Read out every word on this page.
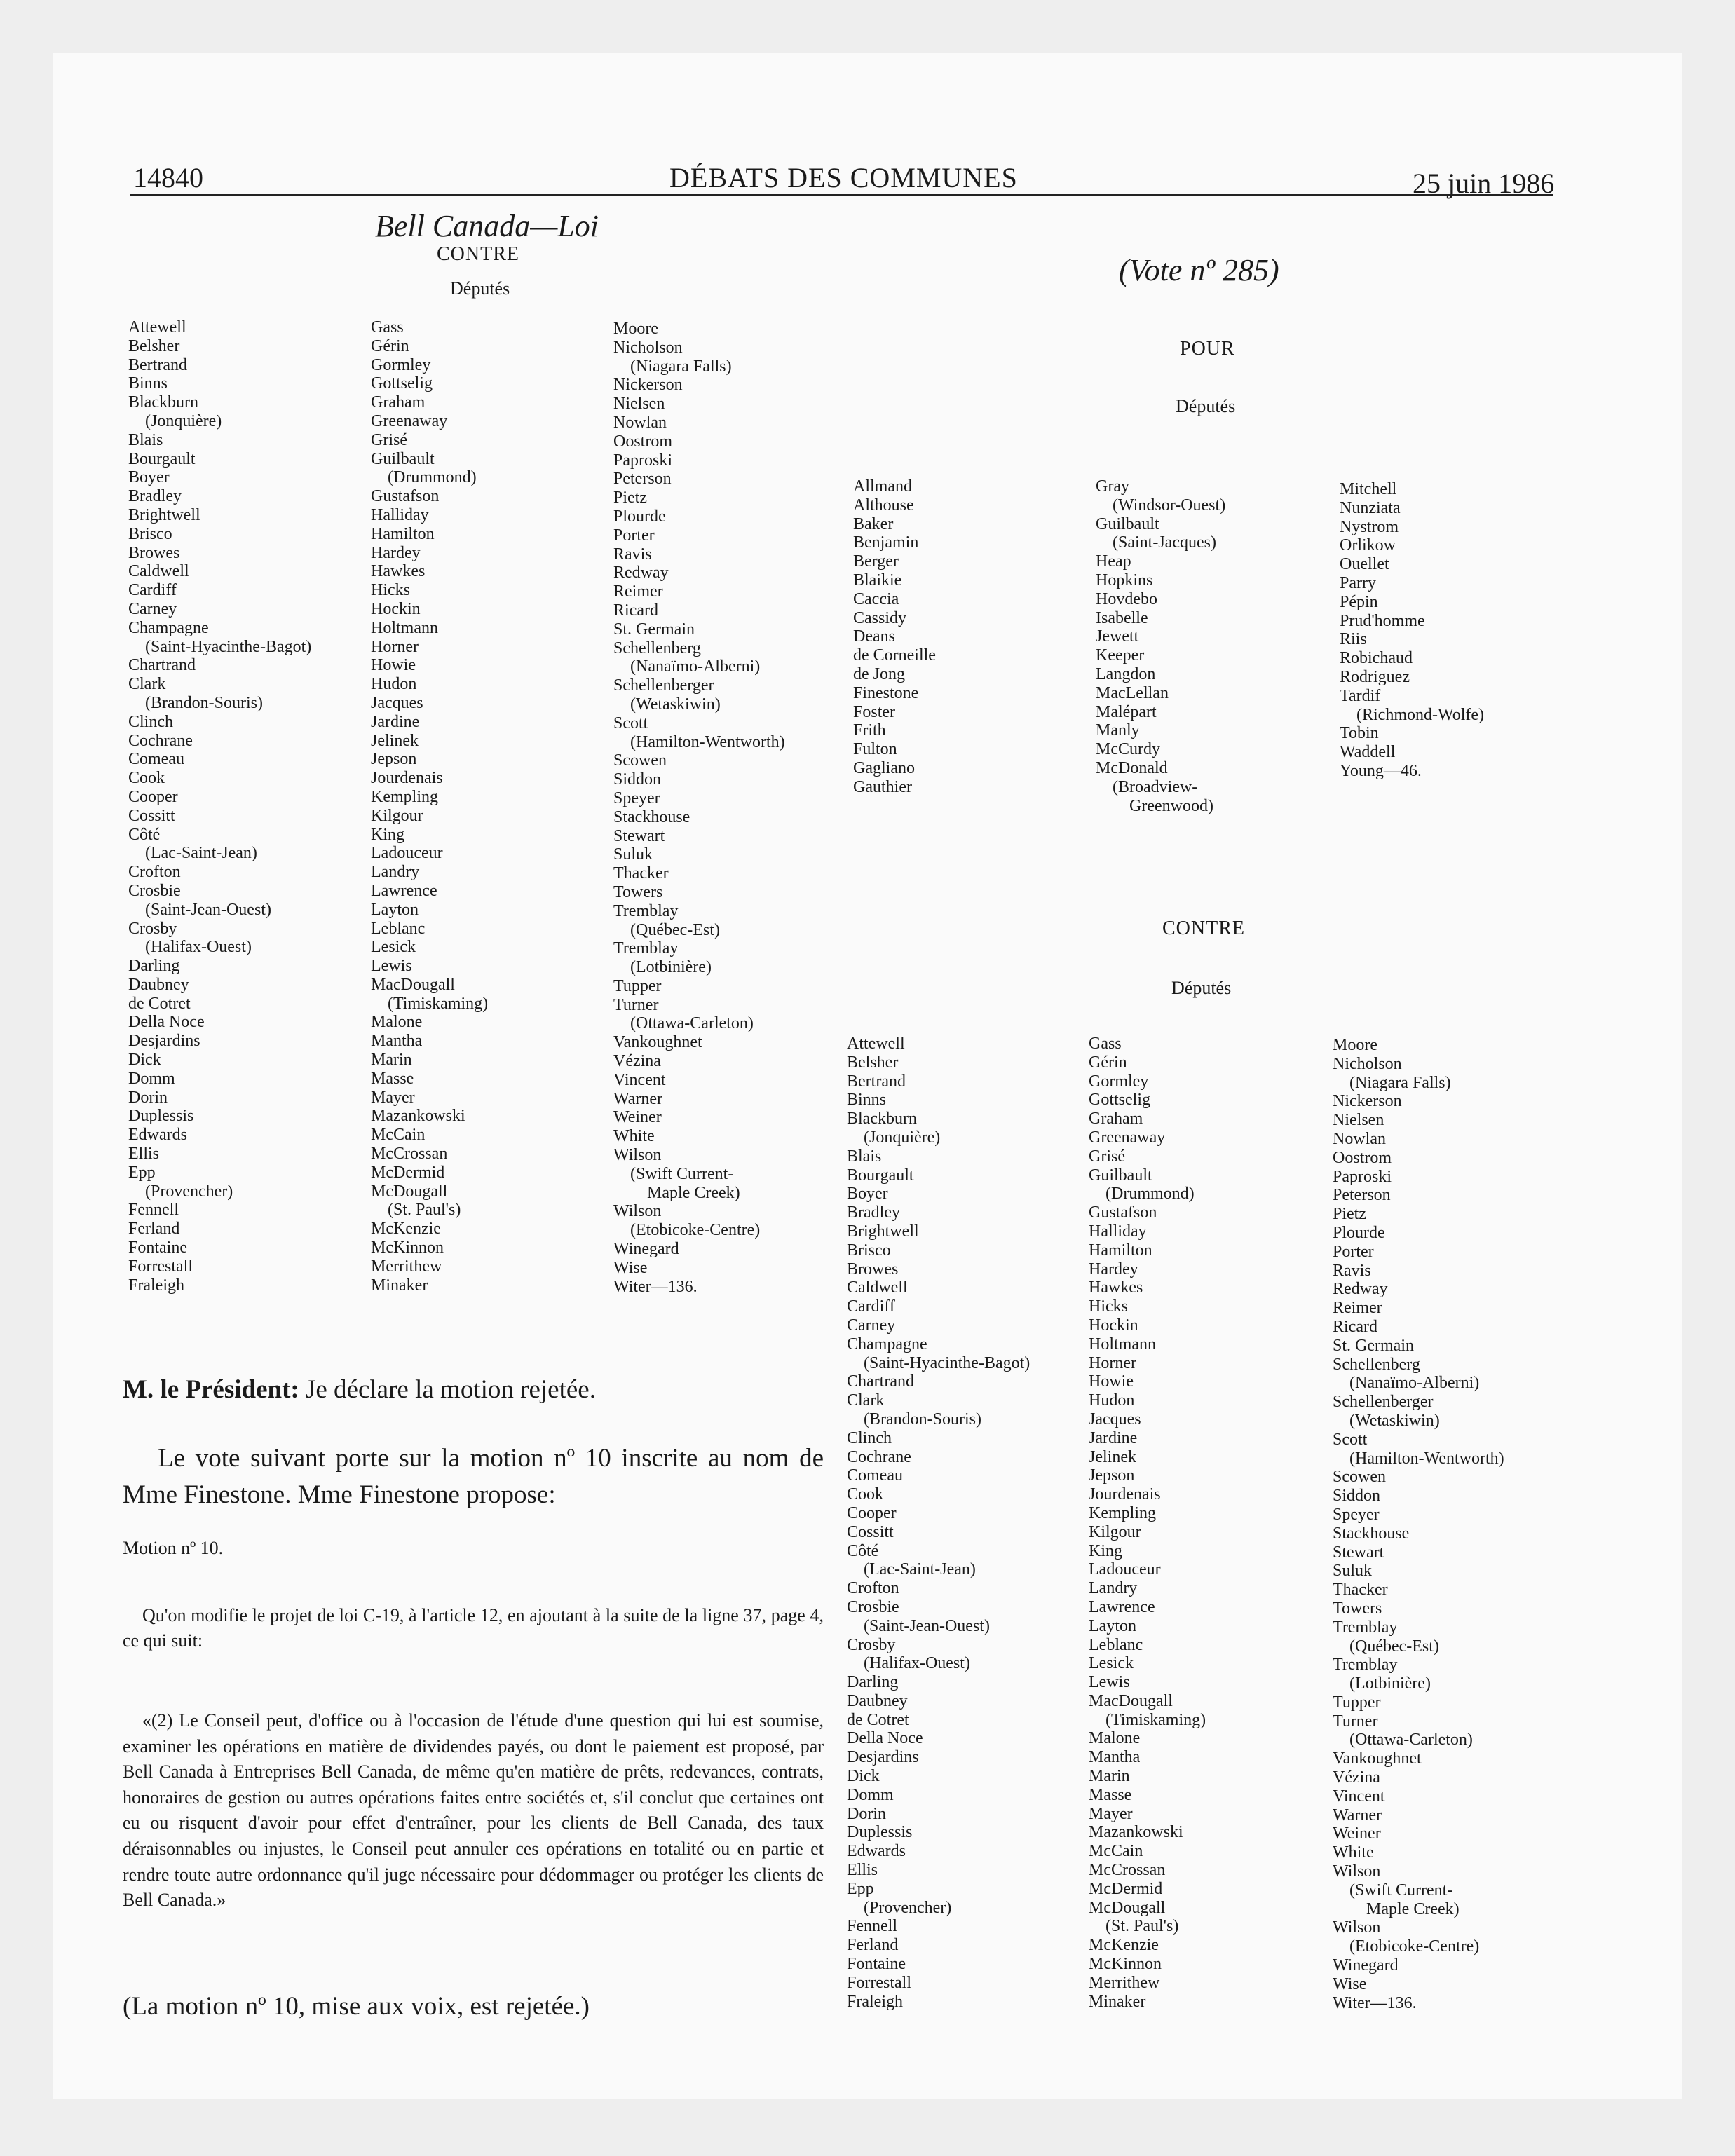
14840	DÉBATS DES COMMUNES	25 juin 1986
Bell Canada—Loi
CONTRE
Députés
Attewell
Belsher
Bertrand
Binns
Blackburn
(Jonquière)
Blais
Bourgault
Boyer
Bradley
Brightwell
Brisco
Browes
Caldwell
Cardiff
Carney
Champagne
(Saint-Hyacinthe-Bagot)
Chartrand
Clark
(Brandon-Souris)
Clinch
Cochrane
Comeau
Cook
Cooper
Cossitt
Côté
(Lac-Saint-Jean)
Crofton
Crosbie
(Saint-Jean-Ouest)
Crosby
(Halifax-Ouest)
Darling
Daubney
de Cotret
Della Noce
Desjardins
Dick
Domm
Dorin
Duplessis
Edwards
Ellis
Epp
(Provencher)
Fennell
Ferland
Fontaine
Forrestall
Fraleigh
Gass
Gérin
Gormley
Gottselig
Graham
Greenaway
Grisé
Guilbault
(Drummond)
Gustafson
Halliday
Hamilton
Hardey
Hawkes
Hicks
Hockin
Holtmann
Horner
Howie
Hudon
Jacques
Jardine
Jelinek
Jepson
Jourdenais
Kempling
Kilgour
King
Ladouceur
Landry
Lawrence
Layton
Leblanc
Lesick
Lewis
MacDougall
(Timiskaming)
Malone
Mantha
Marin
Masse
Mayer
Mazankowski
McCain
McCrossan
McDermid
McDougall
(St. Paul's)
McKenzie
McKinnon
Merrithew
Minaker
Moore
Nicholson
(Niagara Falls)
Nickerson
Nielsen
Nowlan
Oostrom
Paproski
Peterson
Pietz
Plourde
Porter
Ravis
Redway
Reimer
Ricard
St. Germain
Schellenberg
(Nanaïmo-Alberni)
Schellenberger
(Wetaskiwin)
Scott
(Hamilton-Wentworth)
Scowen
Siddon
Speyer
Stackhouse
Stewart
Suluk
Thacker
Towers
Tremblay
(Québec-Est)
Tremblay
(Lotbinière)
Tupper
Turner
(Ottawa-Carleton)
Vankoughnet
Vézina
Vincent
Warner
Weiner
White
Wilson
(Swift Current-
Maple Creek)
Wilson
(Etobicoke-Centre)
Winegard
Wise
Witer—136.
(Vote nº 285)
POUR
Députés
Allmand
Althouse
Baker
Benjamin
Berger
Blaikie
Caccia
Cassidy
Deans
de Corneille
de Jong
Finestone
Foster
Frith
Fulton
Gagliano
Gauthier
Gray
(Windsor-Ouest)
Guilbault
(Saint-Jacques)
Heap
Hopkins
Hovdebo
Isabelle
Jewett
Keeper
Langdon
MacLellan
Malépart
Manly
McCurdy
McDonald
(Broadview-
Greenwood)
Mitchell
Nunziata
Nystrom
Orlikow
Ouellet
Parry
Pépin
Prud'homme
Riis
Robichaud
Rodriguez
Tardif
(Richmond-Wolfe)
Tobin
Waddell
Young—46.
CONTRE
Députés
Attewell
Belsher
Bertrand
Binns
Blackburn
(Jonquière)
Blais
Bourgault
Boyer
Bradley
Brightwell
Brisco
Browes
Caldwell
Cardiff
Carney
Champagne
(Saint-Hyacinthe-Bagot)
Chartrand
Clark
(Brandon-Souris)
Clinch
Cochrane
Comeau
Cook
Cooper
Cossitt
Côté
(Lac-Saint-Jean)
Crofton
Crosbie
(Saint-Jean-Ouest)
Crosby
(Halifax-Ouest)
Darling
Daubney
de Cotret
Della Noce
Desjardins
Dick
Domm
Dorin
Duplessis
Edwards
Ellis
Epp
(Provencher)
Fennell
Ferland
Fontaine
Forrestall
Fraleigh
Gass
Gérin
Gormley
Gottselig
Graham
Greenaway
Grisé
Guilbault
(Drummond)
Gustafson
Halliday
Hamilton
Hardey
Hawkes
Hicks
Hockin
Holtmann
Horner
Howie
Hudon
Jacques
Jardine
Jelinek
Jepson
Jourdenais
Kempling
Kilgour
King
Ladouceur
Landry
Lawrence
Layton
Leblanc
Lesick
Lewis
MacDougall
(Timiskaming)
Malone
Mantha
Marin
Masse
Mayer
Mazankowski
McCain
McCrossan
McDermid
McDougall
(St. Paul's)
McKenzie
McKinnon
Merrithew
Minaker
Moore
Nicholson
(Niagara Falls)
Nickerson
Nielsen
Nowlan
Oostrom
Paproski
Peterson
Pietz
Plourde
Porter
Ravis
Redway
Reimer
Ricard
St. Germain
Schellenberg
(Nanaïmo-Alberni)
Schellenberger
(Wetaskiwin)
Scott
(Hamilton-Wentworth)
Scowen
Siddon
Speyer
Stackhouse
Stewart
Suluk
Thacker
Towers
Tremblay
(Québec-Est)
Tremblay
(Lotbinière)
Tupper
Turner
(Ottawa-Carleton)
Vankoughnet
Vézina
Vincent
Warner
Weiner
White
Wilson
(Swift Current-
Maple Creek)
Wilson
(Etobicoke-Centre)
Winegard
Wise
Witer—136.

M. le Président: Je déclare la motion rejetée.

Le vote suivant porte sur la motion nº 10 inscrite au nom de Mme Finestone. Mme Finestone propose:

Motion nº 10.

Qu'on modifie le projet de loi C-19, à l'article 12, en ajoutant à la suite de la ligne 37, page 4, ce qui suit:

«(2) Le Conseil peut, d'office ou à l'occasion de l'étude d'une question qui lui est soumise, examiner les opérations en matière de dividendes payés, ou dont le paiement est proposé, par Bell Canada à Entreprises Bell Canada, de même qu'en matière de prêts, redevances, contrats, honoraires de gestion ou autres opérations faites entre sociétés et, s'il conclut que certaines ont eu ou risquent d'avoir pour effet d'entraîner, pour les clients de Bell Canada, des taux déraisonnables ou injustes, le Conseil peut annuler ces opérations en totalité ou en partie et rendre toute autre ordonnance qu'il juge nécessaire pour dédommager ou protéger les clients de Bell Canada.»

(La motion nº 10, mise aux voix, est rejetée.)
